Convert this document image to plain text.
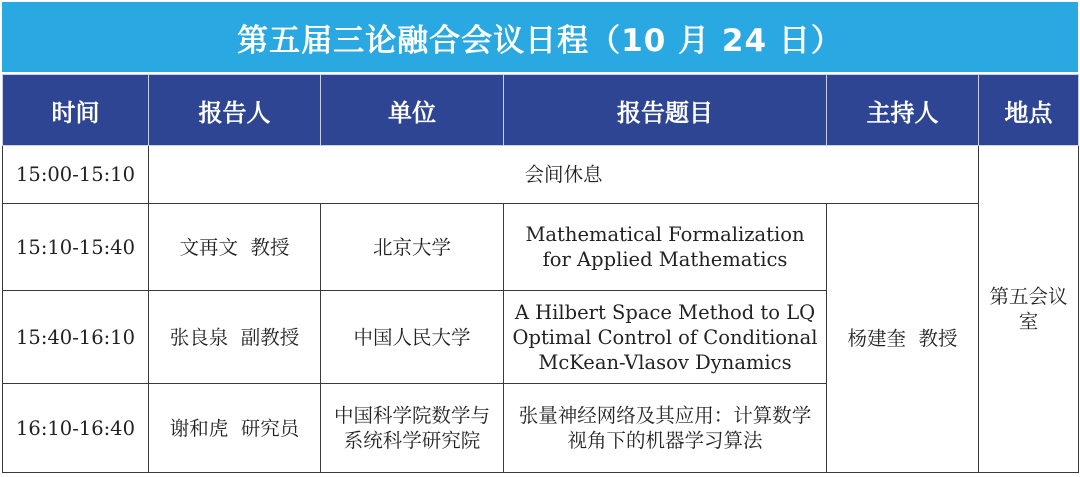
第五届三论融合会议日程（10 月 24 日）
时间	报告人	单位	报告题目	主持人	地点
15:00-15:10	会间休息				第五会议室
15:10-15:40	文再文  教授	北京大学	Mathematical Formalization for Applied Mathematics	杨建奎  教授	
15:40-16:10	张良泉  副教授	中国人民大学	A Hilbert Space Method to LQ Optimal Control of Conditional McKean-Vlasov Dynamics		
16:10-16:40	谢和虎  研究员	中国科学院数学与系统科学研究院	张量神经网络及其应用：计算数学视角下的机器学习算法		
